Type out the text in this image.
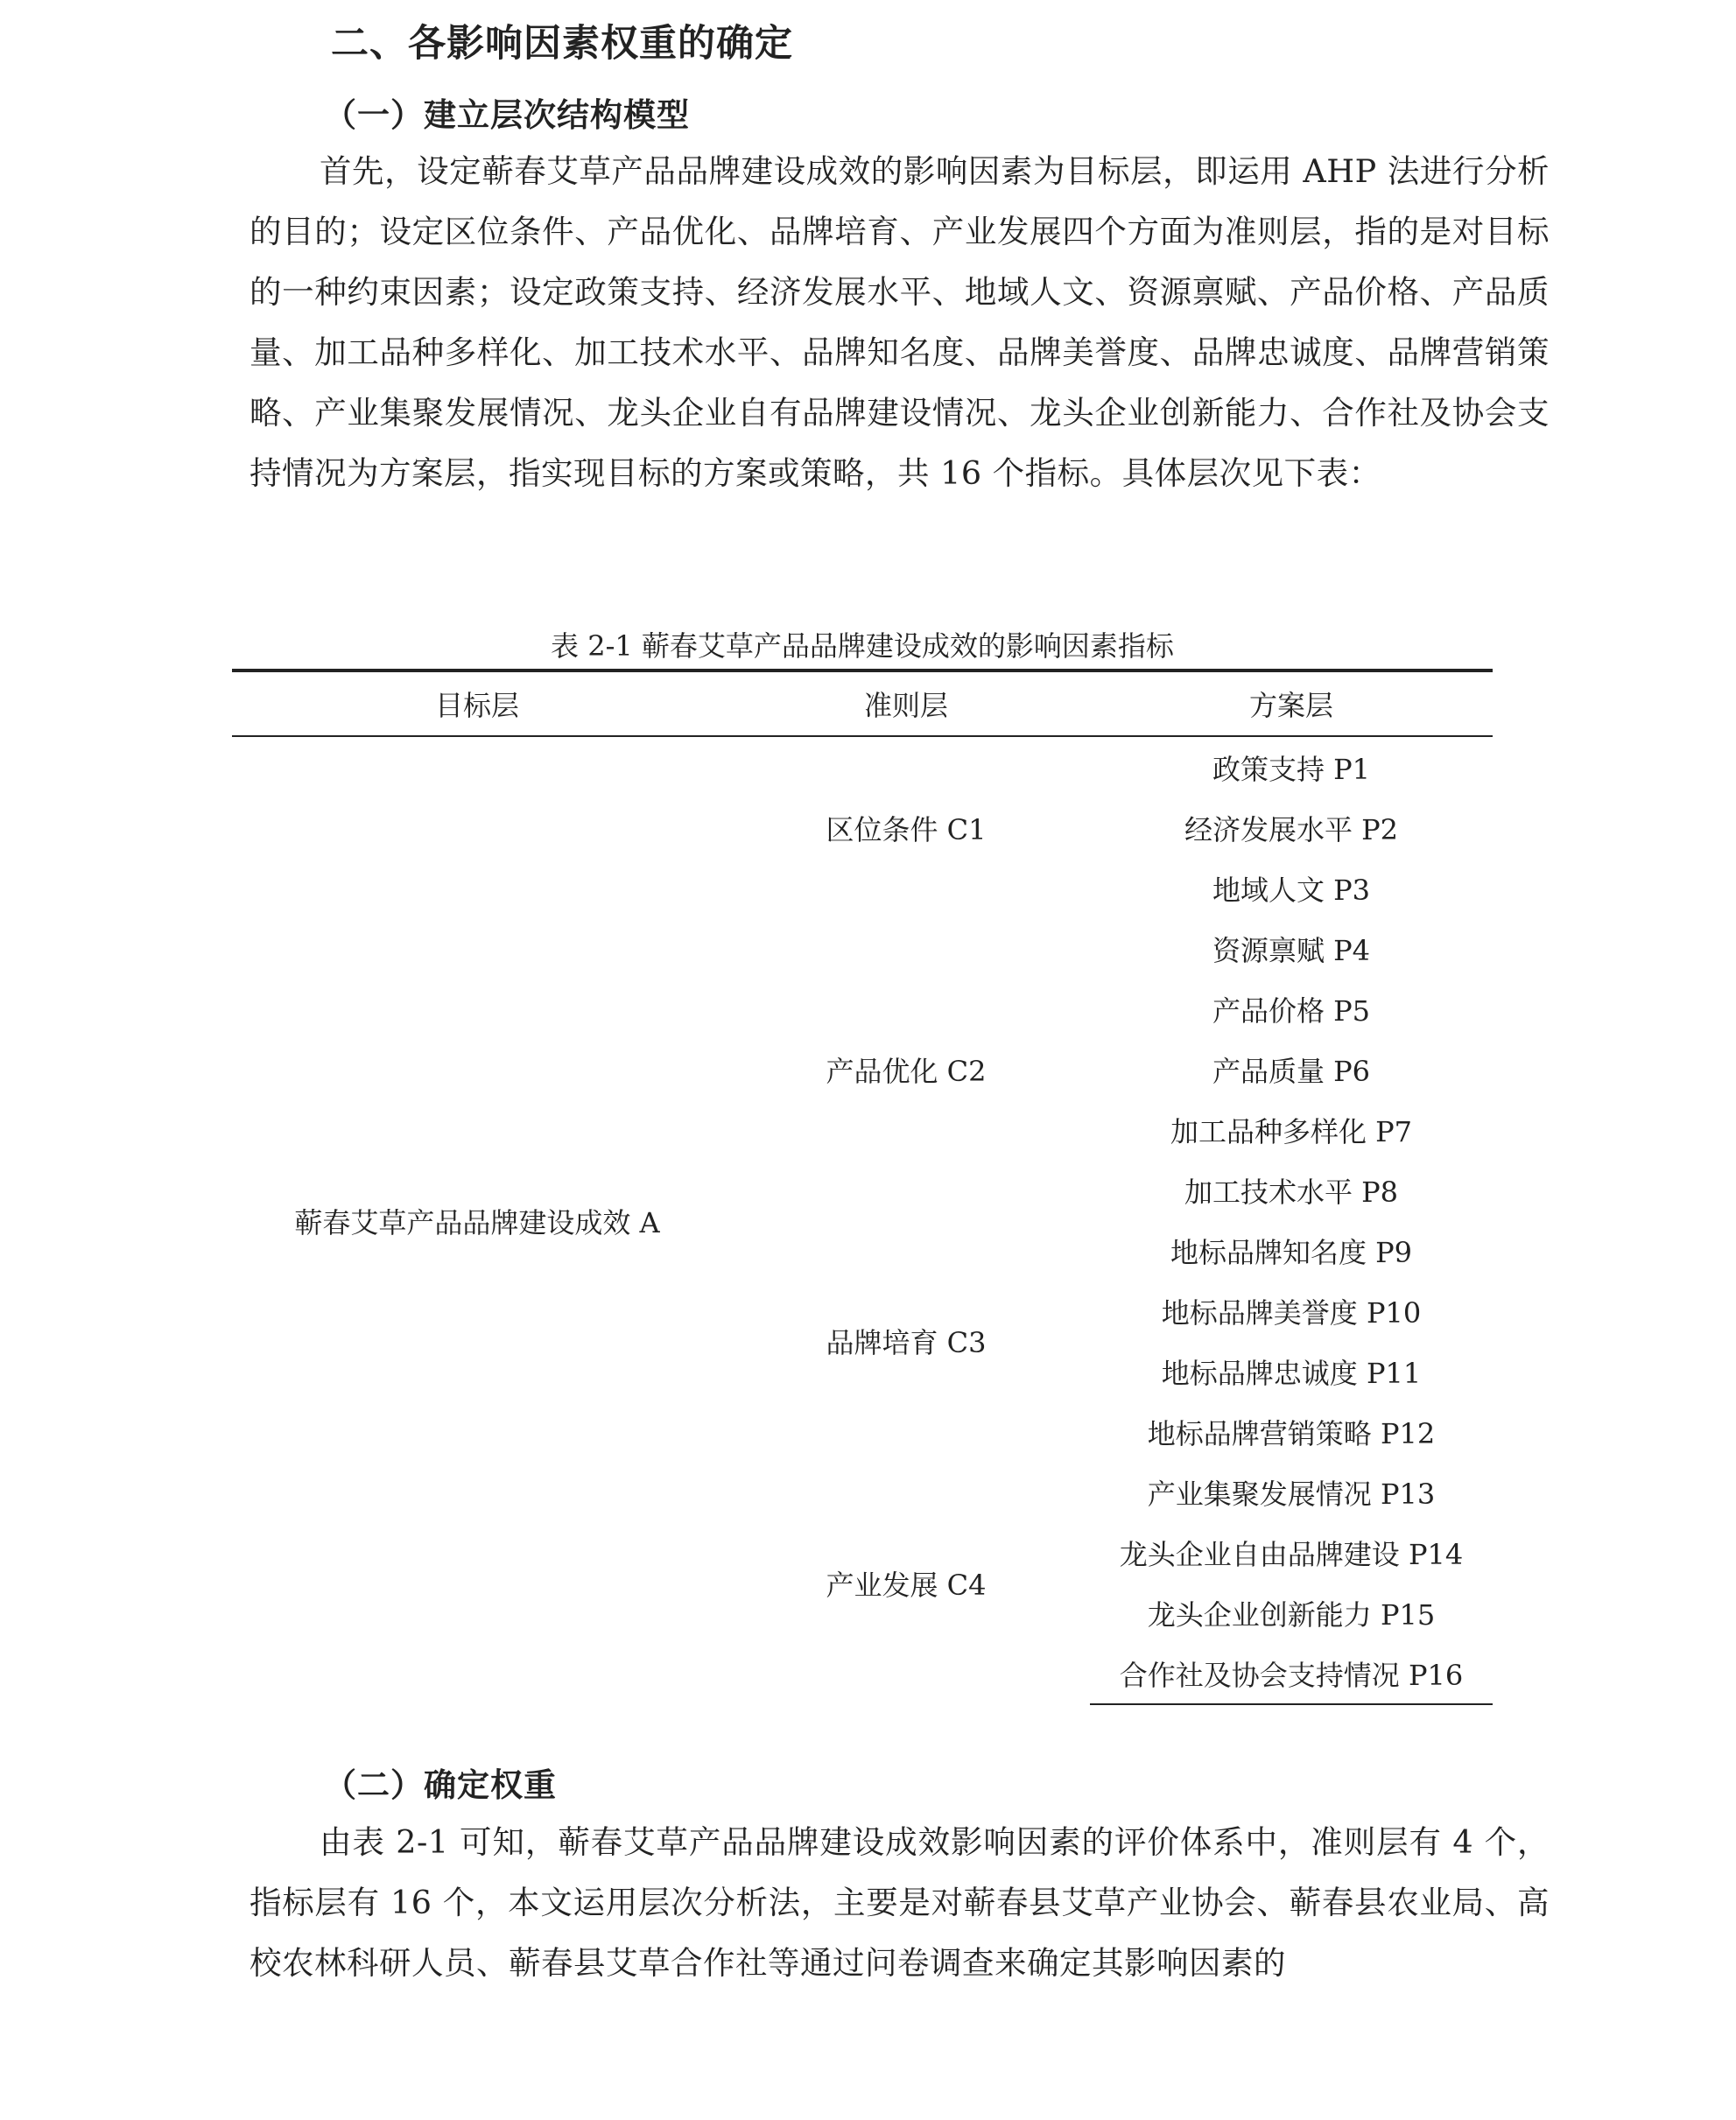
二、各影响因素权重的确定
（一）建立层次结构模型

首先，设定蕲春艾草产品品牌建设成效的影响因素为目标层，即运用 AHP 法进行分析的目的；设定区位条件、产品优化、品牌培育、产业发展四个方面为准则层，指的是对目标的一种约束因素；设定政策支持、经济发展水平、地域人文、资源禀赋、产品价格、产品质量、加工品种多样化、加工技术水平、品牌知名度、品牌美誉度、品牌忠诚度、品牌营销策略、产业集聚发展情况、龙头企业自有品牌建设情况、龙头企业创新能力、合作社及协会支持情况为方案层，指实现目标的方案或策略，共 16 个指标。具体层次见下表：

表 2-1 蕲春艾草产品品牌建设成效的影响因素指标
目标层	准则层	方案层
蕲春艾草产品品牌建设成效 A	区位条件 C1	政策支持 P1
		经济发展水平 P2
		地域人文 P3
	产品优化 C2	资源禀赋 P4
		产品价格 P5
		产品质量 P6
		加工品种多样化 P7
		加工技术水平 P8
	品牌培育 C3	地标品牌知名度 P9
		地标品牌美誉度 P10
		地标品牌忠诚度 P11
		地标品牌营销策略 P12
	产业发展 C4	产业集聚发展情况 P13
		龙头企业自由品牌建设 P14
		龙头企业创新能力 P15
		合作社及协会支持情况 P16
（二）确定权重

由表 2-1 可知，蕲春艾草产品品牌建设成效影响因素的评价体系中，准则层有 4 个，指标层有 16 个，本文运用层次分析法，主要是对蕲春县艾草产业协会、蕲春县农业局、高校农林科研人员、蕲春县艾草合作社等通过问卷调查来确定其影响因素的
